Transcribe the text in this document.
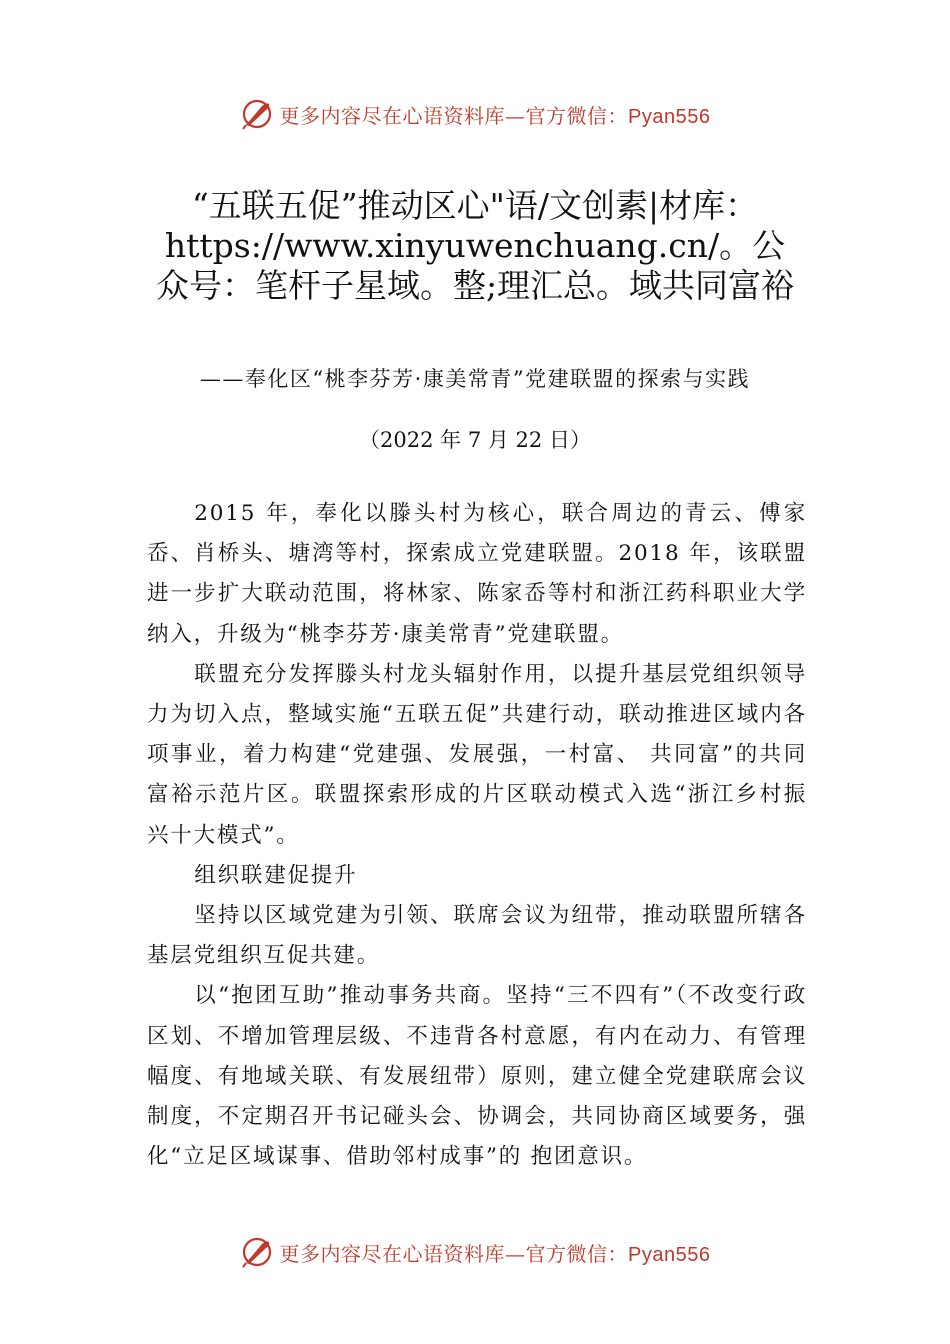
更多内容尽在心语资料库—官方微信：Pyan556
“五联五促”推动区心"语/文创素|材库：https://www.xinyuwenchuang.cn/。公众号：笔杆子星域。整;理汇总。域共同富裕
——奉化区“桃李芬芳·康美常青”党建联盟的探索与实践
（2022 年 7 月 22 日）

2015 年，奉化以滕头村为核心，联合周边的青云、傅家岙、肖桥头、塘湾等村，探索成立党建联盟。2018 年，该联盟进一步扩大联动范围，将林家、陈家岙等村和浙江药科职业大学纳入，升级为“桃李芬芳·康美常青”党建联盟。

联盟充分发挥滕头村龙头辐射作用，以提升基层党组织领导力为切入点，整域实施“五联五促”共建行动，联动推进区域内各项事业，着力构建“党建强、发展强，一村富、 共同富”的共同富裕示范片区。联盟探索形成的片区联动模式入选“浙江乡村振兴十大模式”。

组织联建促提升

坚持以区域党建为引领、联席会议为纽带，推动联盟所辖各基层党组织互促共建。

以“抱团互助”推动事务共商。坚持“三不四有”（不改变行政区划、不增加管理层级、不违背各村意愿，有内在动力、有管理幅度、有地域关联、有发展纽带）原则，建立健全党建联席会议制度，不定期召开书记碰头会、协调会，共同协商区域要务，强化“立足区域谋事、借助邻村成事”的 抱团意识。

更多内容尽在心语资料库—官方微信：Pyan556
